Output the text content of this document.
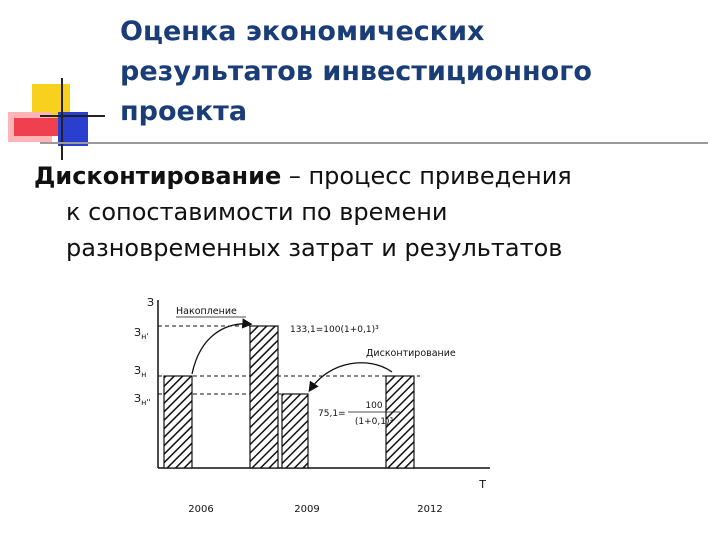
Оценка экономических
результатов инвестиционного
проекта
Дисконтирование – процесс приведения
к сопоставимости по времени
разновременных затрат и результатов
З
Т
$З_{н'}$
$З_н$
$З_{н''}$
Накопление
Дисконтирование
133,1=100(1+0,1)³
75,1=
100
(1+0,1)³
2006	2009	2012
